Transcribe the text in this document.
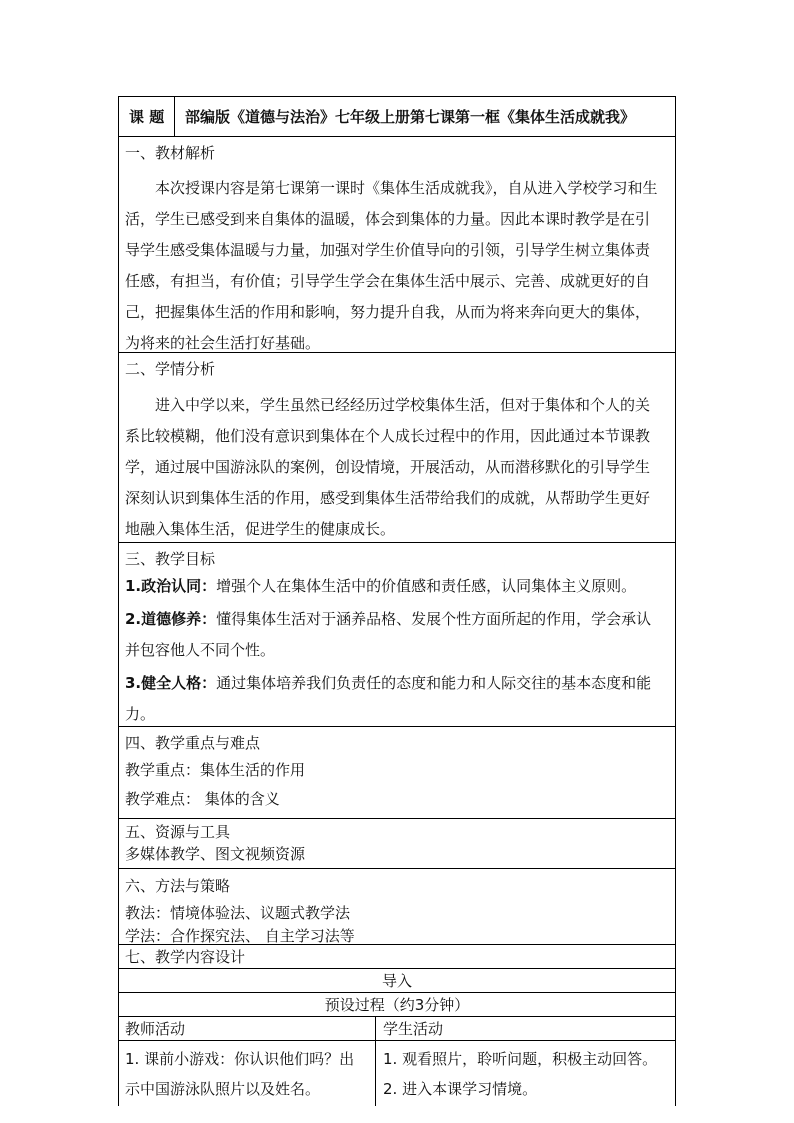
课 题 部编版《道德与法治》七年级上册第七课第一框《集体生活成就我》
一、教材解析
本次授课内容是第七课第一课时《集体生活成就我》，自从进入学校学习和生
活，学生已感受到来自集体的温暖，体会到集体的力量。因此本课时教学是在引
导学生感受集体温暖与力量，加强对学生价值导向的引领，引导学生树立集体责
任感，有担当，有价值；引导学生学会在集体生活中展示、完善、成就更好的自
己，把握集体生活的作用和影响，努力提升自我，从而为将来奔向更大的集体，
为将来的社会生活打好基础。
二、学情分析
进入中学以来，学生虽然已经经历过学校集体生活，但对于集体和个人的关
系比较模糊，他们没有意识到集体在个人成长过程中的作用，因此通过本节课教
学，通过展中国游泳队的案例，创设情境，开展活动，从而潜移默化的引导学生
深刻认识到集体生活的作用，感受到集体生活带给我们的成就，从帮助学生更好
地融入集体生活，促进学生的健康成长。
三、教学目标
1.政治认同：增强个人在集体生活中的价值感和责任感，认同集体主义原则。
2.道德修养：懂得集体生活对于涵养品格、发展个性方面所起的作用，学会承认
并包容他人不同个性。
3.健全人格：通过集体培养我们负责任的态度和能力和人际交往的基本态度和能
力。
四、教学重点与难点
教学重点：集体生活的作用
教学难点： 集体的含义
五、资源与工具
多媒体教学、图文视频资源
六、方法与策略
教法：情境体验法、议题式教学法
学法：合作探究法、 自主学习法等
七、教学内容设计
导入
预设过程（约3分钟）
教师活动	学生活动
1. 课前小游戏：你认识他们吗？出
示中国游泳队照片以及姓名。
1. 观看照片，聆听问题，积极主动回答。
2. 进入本课学习情境。
